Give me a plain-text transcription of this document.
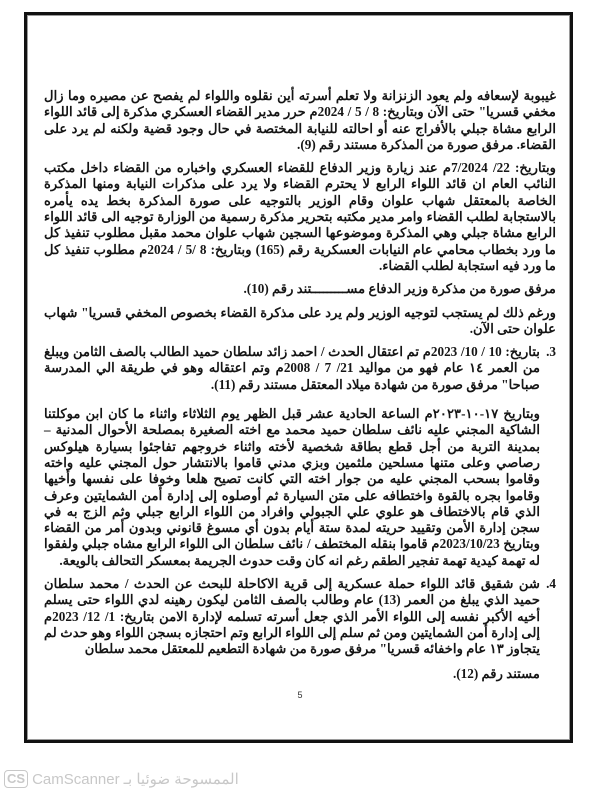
غيبوبة لإسعافه ولم يعود الزنزانة ولا تعلم أسرته أين نقلوه واللواء لم يفصح عن مصيره وما زال مخفي قسريا" حتى الآن وبتاريخ: 8 / 5 / 2024م حرر مدير القضاء العسكري مذكرة إلى قائد اللواء الرابع مشاة جبلي بالأفراج عنه أو احالته للنيابة المختصة في حال وجود قضية ولكنه لم يرد على القضاء. مرفق صورة من المذكرة مستند رقم (9).

وبتاريخ: 22/ 7/2024م عند زيارة وزير الدفاع للقضاء العسكري واخباره من القضاء داخل مكتب النائب العام ان قائد اللواء الرابع لا يحترم القضاء ولا يرد على مذكرات النيابة ومنها المذكرة الخاصة بالمعتقل شهاب علوان وقام الوزير بالتوجيه على صورة المذكرة بخط يده يأمره بالاستجابة لطلب القضاء وامر مدير مكتبه بتحرير مذكرة رسمية من الوزارة توجيه الى قائد اللواء الرابع مشاة جبلي وهي المذكرة وموضوعها السجين شهاب علوان محمد مقبل مطلوب تنفيذ كل ما ورد بخطاب محامي عام النيابات العسكرية رقم (165) وبتاريخ: 8 /5 / 2024م مطلوب تنفيذ كل ما ورد فيه استجابة لطلب القضاء.

مرفق صورة من مذكرة وزير الدفاع مســـــــــتند رقم (10).

ورغم ذلك لم يستجب لتوجيه الوزير ولم يرد على مذكرة القضاء بخصوص المخفي قسريا" شهاب علوان حتى الآن.

3.

بتاريخ: 10 / 10/ 2023م تم اعتقال الحدث / احمد زائد سلطان حميد الطالب بالصف الثامن ويبلغ من العمر ١٤ عام فهو من مواليد 21/ 7 / 2008م وتم اعتقاله وهو في طريقة الي المدرسة صباحا" مرفق صورة من شهادة ميلاد المعتقل مستند رقم (11).

وبتاريخ ١٧-١٠-٢٠٢٣م الساعة الحادية عشر قبل الظهر يوم الثلاثاء واثناء ما كان ابن موكلتنا الشاكية المجني عليه نائف سلطان حميد محمد مع اخته الصغيرة بمصلحة الأحوال المدنية – بمدينة التربة من أجل قطع بطاقة شخصية لأخته واثناء خروجهم تفاجئوا بسيارة هيلوكس رصاصي وعلى متنها مسلحين ملثمين وبزي مدني قاموا بالانتشار حول المجني عليه واخته وقاموا بسحب المجني عليه من جوار اخته التي كانت تصيح هلعا وخوفا على نفسها وأخيها وقاموا بجره بالقوة واختطافه على متن السيارة ثم أوصلوه إلى إدارة أمن الشمايتين وعرف الذي قام بالاختطاف هو علوي علي الجبولي وافراد من اللواء الرابع جبلي وثم الزج به في سجن إدارة الأمن وتقييد حريته لمدة ستة أيام بدون أي مسوغ قانوني وبدون أمر من القضاء وبتاريخ 2023/10/23م قاموا بنقله المختطف / نائف سلطان الى اللواء الرابع مشاه جبلي ولفقوا له تهمة كيدية تهمة تفجير الطقم رغم انه كان وقت حدوث الجريمة بمعسكر التحالف بالويعة.

4.

شن شقيق قائد اللواء حملة عسكرية إلى قرية الاكاحلة للبحث عن الحدث / محمد سلطان حميد الذي يبلغ من العمر (13) عام وطالب بالصف الثامن ليكون رهينه لدي اللواء حتى يسلم أخيه الأكبر نفسه إلى اللواء الأمر الذي جعل أسرته تسلمه لإدارة الامن بتاريخ: 1/ 12/ 2023م إلى إدارة أمن الشمايتين ومن ثم سلم إلى اللواء الرابع وتم احتجازه بسجن اللواء وهو حدث لم يتجاوز ١٣ عام واخفائه قسريا" مرفق صورة من شهادة التطعيم للمعتقل محمد سلطان

مستند رقم (12).

5
CS CamScanner الممسوحة ضوئيا بـ
